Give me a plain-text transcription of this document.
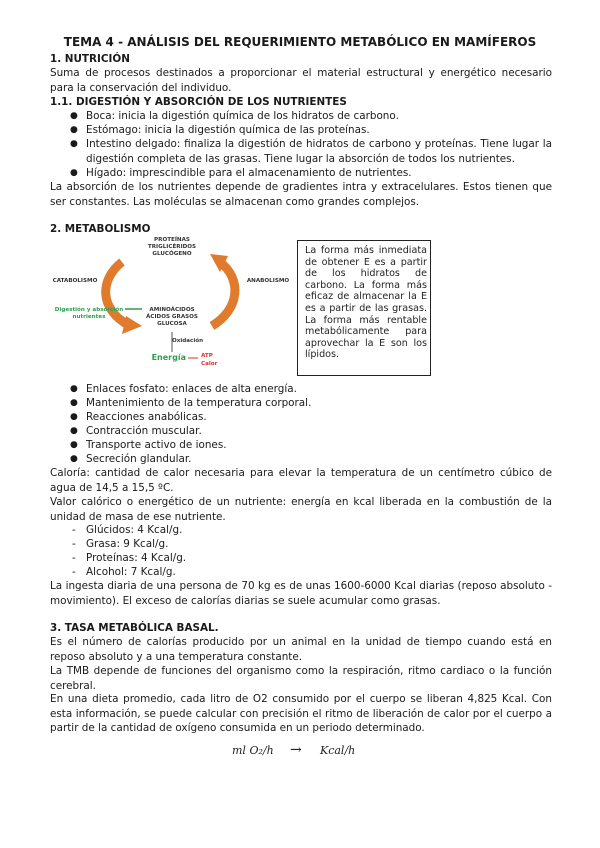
TEMA 4 - ANÁLISIS DEL REQUERIMIENTO METABÓLICO EN MAMÍFEROS
1. NUTRICIÓN
Suma de procesos destinados a proporcionar el material estructural y energético necesario para la conservación del individuo.
1.1. DIGESTIÓN Y ABSORCIÓN DE LOS NUTRIENTES
● Boca: inicia la digestión química de los hidratos de carbono.
● Estómago: inicia la digestión química de las proteínas.
● Intestino delgado: finaliza la digestión de hidratos de carbono y proteínas. Tiene lugar la digestión completa de las grasas. Tiene lugar la absorción de todos los nutrientes.
● Hígado: imprescindible para el almacenamiento de nutrientes.
La absorción de los nutrientes depende de gradientes intra y extracelulares. Estos tienen que ser constantes. Las moléculas se almacenan como grandes complejos.
2. METABOLISMO
PROTEÍNAS TRIGLICÉRIDOS GLUCÓGENO
CATABOLISMO	ANABOLISMO
AMINOÁCIDOS ÁCIDOS GRASOS GLUCOSA
Digestión y absorción nutrientes
Oxidación
Energía	ATP
Calor
La forma más inmediata de obtener E es a partir de los hidratos de carbono. La forma más eficaz de almacenar la E es a partir de las grasas. La forma más rentable metabólicamente para aprovechar la E son los lípidos.
● Enlaces fosfato: enlaces de alta energía.
● Mantenimiento de la temperatura corporal.
● Reacciones anabólicas.
● Contracción muscular.
● Transporte activo de iones.
● Secreción glandular.
Caloría: cantidad de calor necesaria para elevar la temperatura de un centímetro cúbico de agua de 14,5 a 15,5 ºC.
Valor calórico o energético de un nutriente: energía en kcal liberada en la combustión de la unidad de masa de ese nutriente.
- Glúcidos: 4 Kcal/g.
- Grasa: 9 Kcal/g.
- Proteínas: 4 Kcal/g.
- Alcohol: 7 Kcal/g.
La ingesta diaria de una persona de 70 kg es de unas 1600-6000 Kcal diarias (reposo absoluto - movimiento). El exceso de calorías diarias se suele acumular como grasas.
3. TASA METABÓLICA BASAL.
Es el número de calorías producido por un animal en la unidad de tiempo cuando está en reposo absoluto y a una temperatura constante.
La TMB depende de funciones del organismo como la respiración, ritmo cardiaco o la función cerebral.
En una dieta promedio, cada litro de O2 consumido por el cuerpo se liberan 4,825 Kcal. Con esta información, se puede calcular con precisión el ritmo de liberación de calor por el cuerpo a partir de la cantidad de oxígeno consumida en un periodo determinado.
ml O₂/h → Kcal/h
